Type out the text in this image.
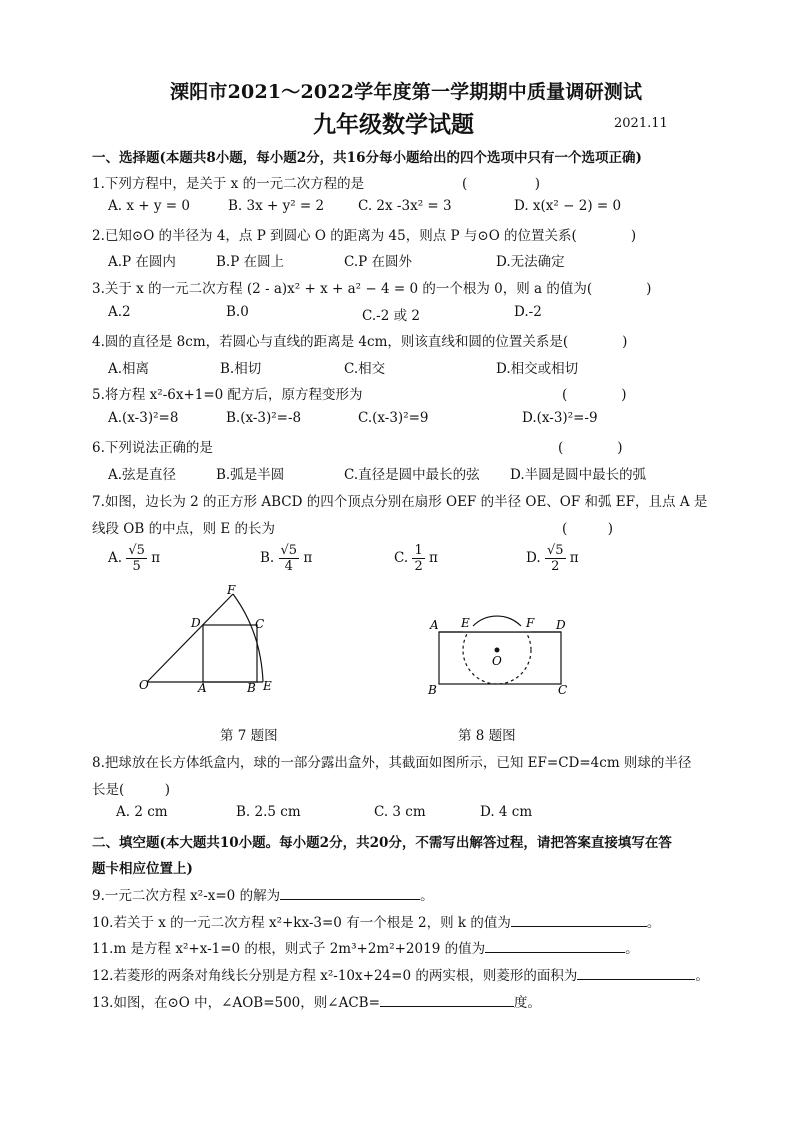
溧阳市2021～2022学年度第一学期期中质量调研测试
九年级数学试题	2021.11
一、选择题(本题共8小题，每小题2分，共16分每小题给出的四个选项中只有一个选项正确)
1.下列方程中，是关于 x 的一元二次方程的是	(　　　　　)
A. x + y = 0	B. 3x + y² = 2	C. 2x -3x² = 3	D. x(x² − 2) = 0
2.已知⊙O 的半径为 4，点 P 到圆心 O 的距离为 45，则点 P 与⊙O 的位置关系(　　　　)
A.P 在圆内	B.P 在圆上	C.P 在圆外	D.无法确定
3.关于 x 的一元二次方程 (2 - a)x² + x + a² − 4 = 0 的一个根为 0，则 a 的值为(　　　　)
A.2	B.0	C.-2 或 2	D.-2
4.圆的直径是 8cm，若圆心与直线的距离是 4cm，则该直线和圆的位置关系是(　　　　)
A.相离	B.相切	C.相交	D.相交或相切
5.将方程 x²-6x+1=0 配方后，原方程变形为	(　　　　)
A.(x-3)²=8	B.(x-3)²=-8	C.(x-3)²=9	D.(x-3)²=-9
6.下列说法正确的是	(　　　　)
A.弦是直径	B.弧是半圆	C.直径是圆中最长的弦 D.半圆是圆中最长的弧
7.如图，边长为 2 的正方形 ABCD 的四个顶点分别在扇形 OEF 的半径 OE、OF 和弧 EF，且点 A 是
线段 OB 的中点，则 E 的长为	(　　　)
A. $\frac{√5}{5}$ π	B. $\frac{√5}{4}$ π	C. $\frac{1}{2}$ π	D. $\frac{√5}{2}$ π
F
D	C
O	A	B E
A E	F D
O
B	C
第 7 题图	第 8 题图
8.把球放在长方体纸盒内，球的一部分露出盒外，其截面如图所示，已知 EF=CD=4cm 则球的半径
长是(　　　)
A. 2 cm	B. 2.5 cm	C. 3 cm	D. 4 cm
二、填空题(本大题共10小题。每小题2分，共20分，不需写出解答过程，请把答案直接填写在答
题卡相应位置上)
9.一元二次方程 x²-x=0 的解为	。
10.若关于 x 的一元二次方程 x²+kx-3=0 有一个根是 2，则 k 的值为	。
11.m 是方程 x²+x-1=0 的根，则式子 2m³+2m²+2019 的值为	。
12.若菱形的两条对角线长分别是方程 x²-10x+24=0 的两实根，则菱形的面积为	。
13.如图，在⊙O 中，∠AOB=500，则∠ACB=	度。
